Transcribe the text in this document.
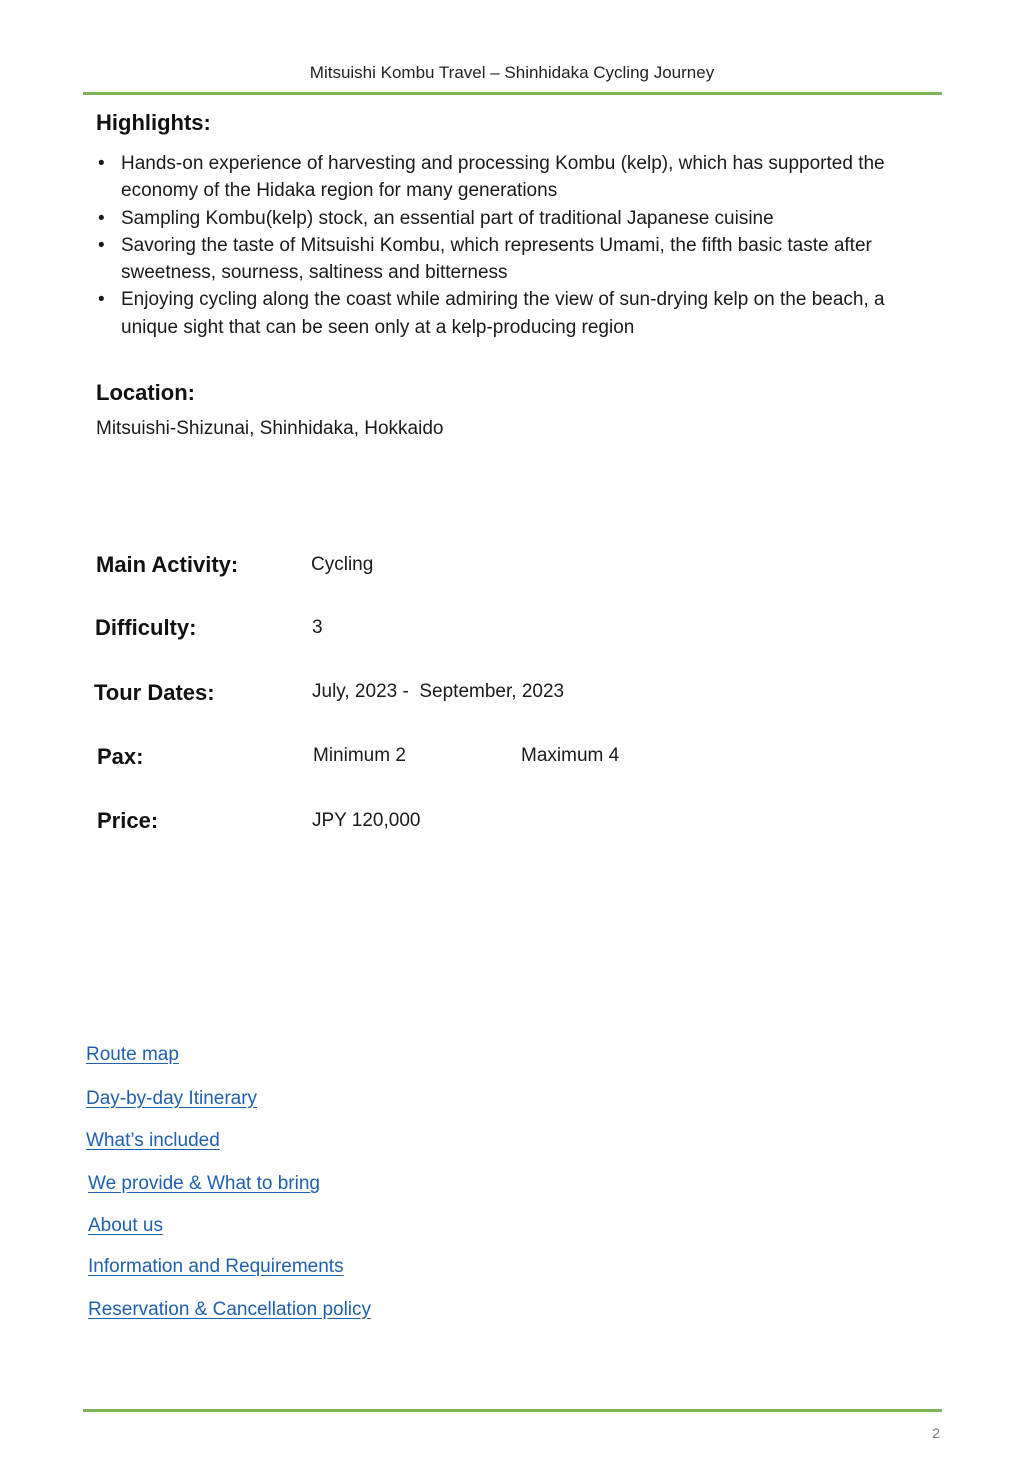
Mitsuishi Kombu Travel – Shinhidaka Cycling Journey
Highlights:
• Hands-on experience of harvesting and processing Kombu (kelp), which has supported the economy of the Hidaka region for many generations
• Sampling Kombu(kelp) stock, an essential part of traditional Japanese cuisine
• Savoring the taste of Mitsuishi Kombu, which represents Umami, the fifth basic taste after sweetness, sourness, saltiness and bitterness
• Enjoying cycling along the coast while admiring the view of sun-drying kelp on the beach, a unique sight that can be seen only at a kelp-producing region
Location:
Mitsuishi-Shizunai, Shinhidaka, Hokkaido
Main Activity:	Cycling
Difficulty:	3
Tour Dates:	July, 2023 -  September, 2023
Pax:	Minimum 2	Maximum 4
Price:	JPY 120,000
Route map
Day-by-day Itinerary
What’s included
We provide & What to bring
About us
Information and Requirements
Reservation & Cancellation policy
2
